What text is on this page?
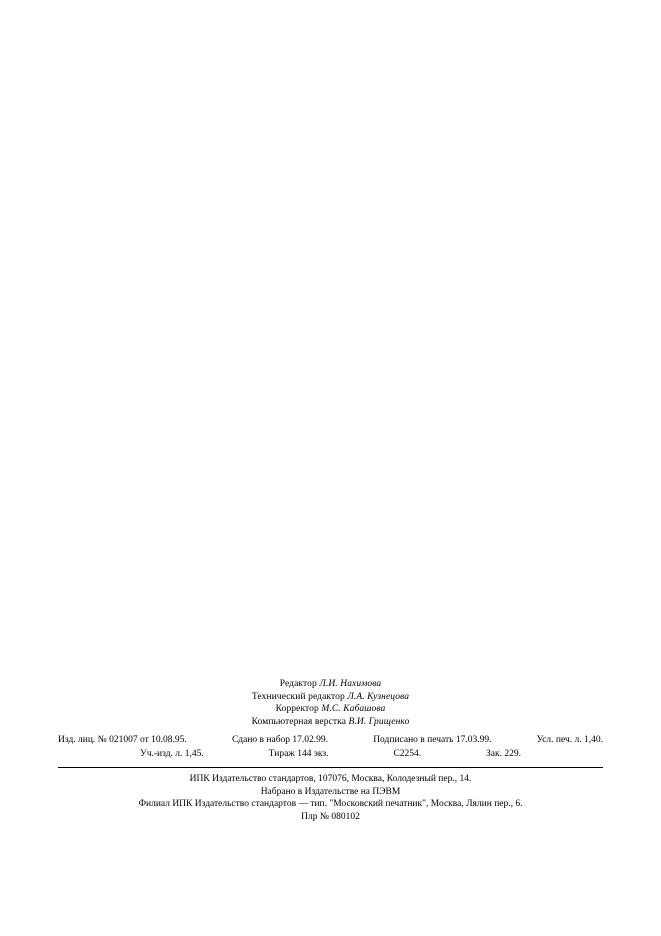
Редактор Л.И. Нахимова
Технический редактор Л.А. Кузнецова
Корректор М.С. Кабашова
Компьютерная верстка В.И. Грищенко
Изд. лиц. № 021007 от 10.08.95.	Сдано в набор 17.02.99.	Подписано в печать 17.03.99.	Усл. печ. л. 1,40.
Уч.-изд. л. 1,45.	Тираж 144 экз.	С2254.	Зак. 229.
ИПК Издательство стандартов, 107076, Москва, Колодезный пер., 14.
Набрано в Издательстве на ПЭВМ
Филиал ИПК Издательство стандартов — тип. "Московский печатник", Москва, Лялин пер., 6.
Плр № 080102
